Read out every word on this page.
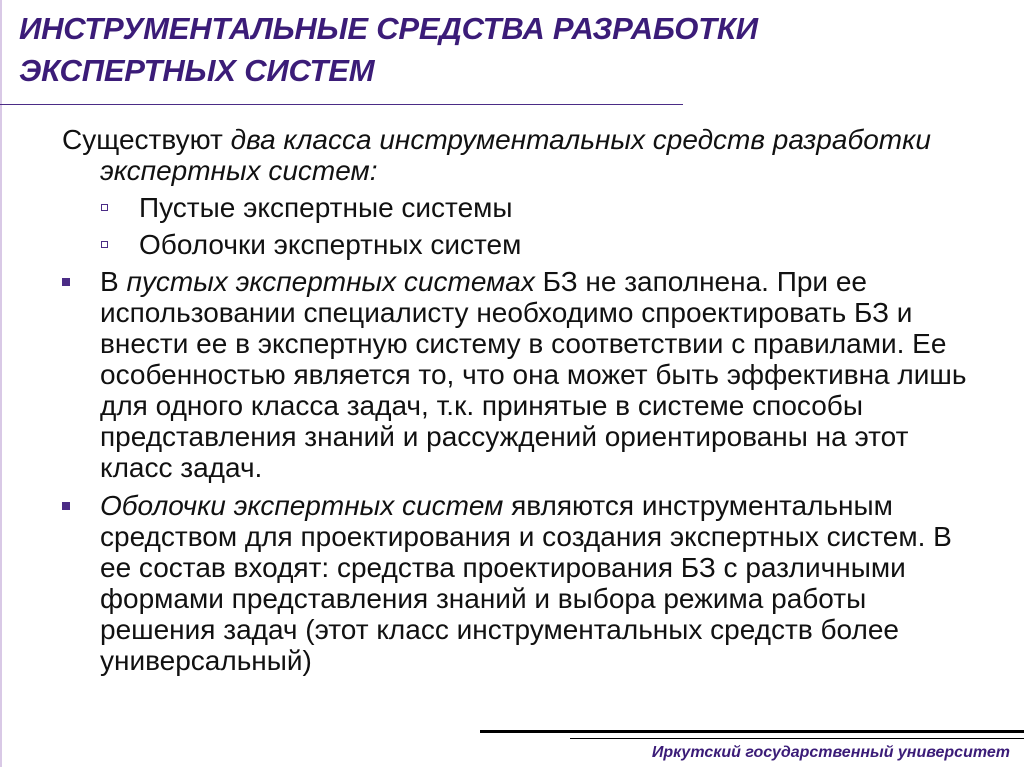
ИНСТРУМЕНТАЛЬНЫЕ СРЕДСТВА РАЗРАБОТКИ
ЭКСПЕРТНЫХ СИСТЕМ

Существуют два класса инструментальных средств разработки экспертных систем:

Пустые экспертные системы
Оболочки экспертных систем
В пустых экспертных системах БЗ не заполнена. При ее использовании специалисту необходимо спроектировать БЗ и внести ее в экспертную систему в соответствии с правилами. Ее особенностью является то, что она может быть эффективна лишь для одного класса задач, т.к. принятые в системе способы представления знаний и рассуждений ориентированы на этот класс задач.
Оболочки экспертных систем являются инструментальным средством для проектирования и создания экспертных систем. В ее состав входят: средства проектирования БЗ с различными формами представления знаний и выбора режима работы решения задач (этот класс инструментальных средств более универсальный)
Иркутский государственный университет
